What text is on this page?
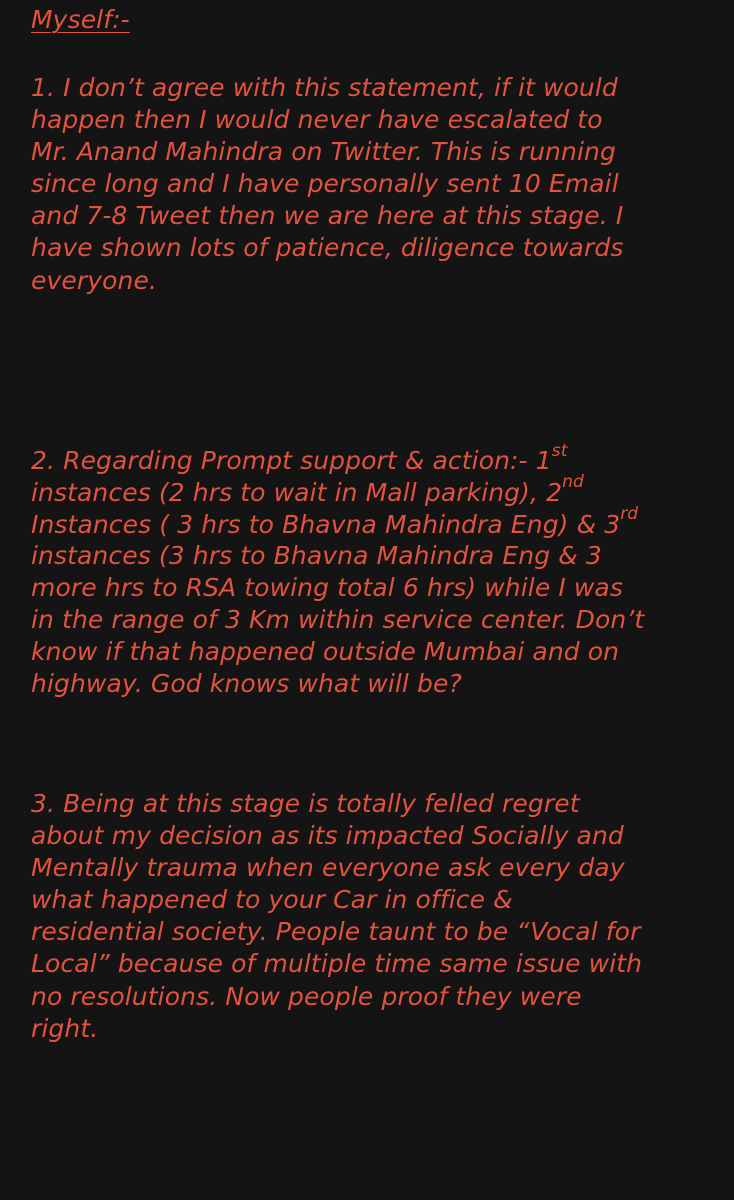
Myself:-
1. I don’t agree with this statement, if it would
happen then I would never have escalated to
Mr. Anand Mahindra on Twitter. This is running
since long and I have personally sent 10 Email
and 7-8 Tweet then we are here at this stage. I
have shown lots of patience, diligence towards
everyone.
2. Regarding Prompt support & action:- 1st
instances (2 hrs to wait in Mall parking), 2nd
Instances ( 3 hrs to Bhavna Mahindra Eng) & 3rd
instances (3 hrs to Bhavna Mahindra Eng & 3
more hrs to RSA towing total 6 hrs) while I was
in the range of 3 Km within service center. Don’t
know if that happened outside Mumbai and on
highway. God knows what will be?
3. Being at this stage is totally felled regret
about my decision as its impacted Socially and
Mentally trauma when everyone ask every day
what happened to your Car in office &
residential society. People taunt to be “Vocal for
Local” because of multiple time same issue with
no resolutions. Now people proof they were
right.
